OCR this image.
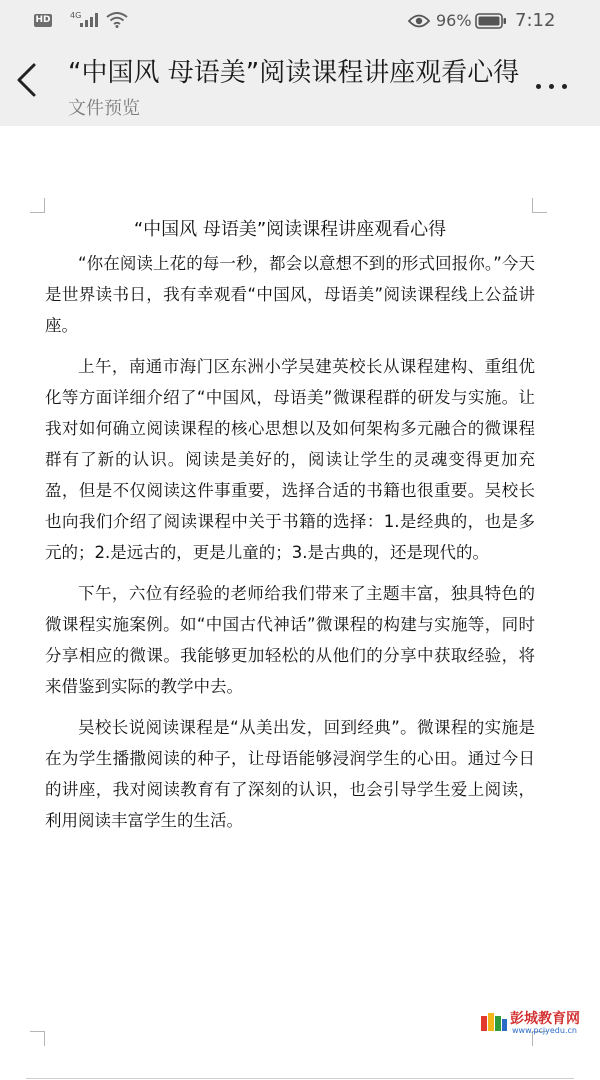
HD 4G	96% 7:12
“中国风 母语美”阅读课程讲座观看心得
文件预览
“中国风 母语美”阅读课程讲座观看心得

“你在阅读上花的每一秒，都会以意想不到的形式回报你。”今天是世界读书日，我有幸观看“中国风，母语美”阅读课程线上公益讲座。

上午，南通市海门区东洲小学吴建英校长从课程建构、重组优化等方面详细介绍了“中国风，母语美”微课程群的研发与实施。让我对如何确立阅读课程的核心思想以及如何架构多元融合的微课程群有了新的认识。阅读是美好的，阅读让学生的灵魂变得更加充盈，但是不仅阅读这件事重要，选择合适的书籍也很重要。吴校长也向我们介绍了阅读课程中关于书籍的选择：1.是经典的，也是多元的；2.是远古的，更是儿童的；3.是古典的，还是现代的。

下午，六位有经验的老师给我们带来了主题丰富，独具特色的微课程实施案例。如“中国古代神话”微课程的构建与实施等，同时分享相应的微课。我能够更加轻松的从他们的分享中获取经验，将来借鉴到实际的教学中去。

吴校长说阅读课程是“从美出发，回到经典”。微课程的实施是在为学生播撒阅读的种子，让母语能够浸润学生的心田。通过今日的讲座，我对阅读教育有了深刻的认识，也会引导学生爱上阅读，利用阅读丰富学生的生活。

彭城教育网
www.pcjyedu.cn
